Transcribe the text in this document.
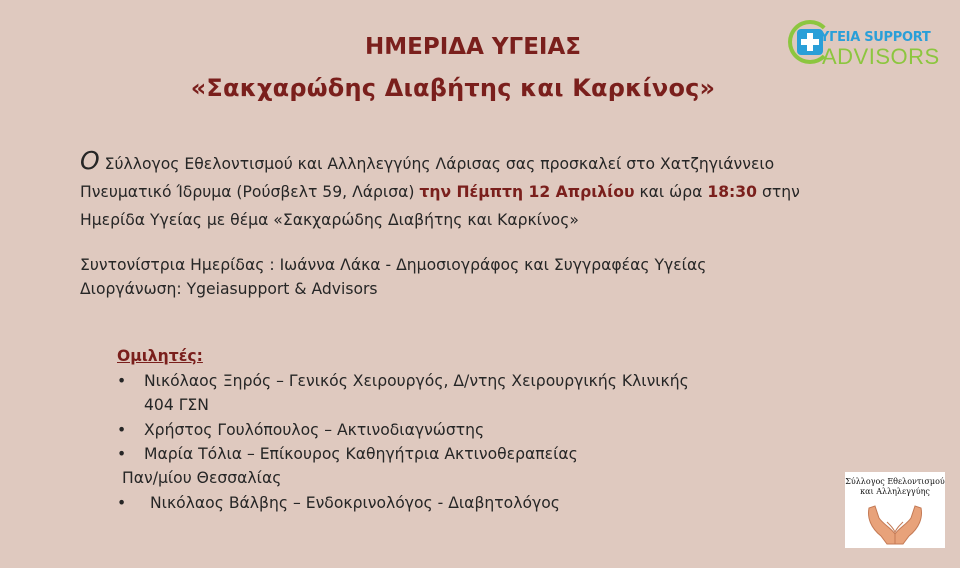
ΗΜΕΡΙΔΑ ΥΓΕΙΑΣ
«Σακχαρώδης Διαβήτης και Καρκίνος»
YГEIA SUPPORT
ADVISORS

Ο Σύλλογος Εθελοντισμού και Αλληλεγγύης Λάρισας σας προσκαλεί στο Χατζηγιάννειο Πνευματικό Ίδρυμα (Ρούσβελτ 59, Λάρισα) την Πέμπτη 12 Απριλίου και ώρα 18:30 στην Ημερίδα Υγείας με θέμα «Σακχαρώδης Διαβήτης και Καρκίνος»

Συντονίστρια Ημερίδας : Ιωάννα Λάκα - Δημοσιογράφος και Συγγραφέας Υγείας

Διοργάνωση: Ygeiasupport & Advisors

Ομιλητές:

• Νικόλαος Ξηρός – Γενικός Χειρουργός, Δ/ντης Χειρουργικής Κλινικής

404 ΓΣΝ

• Χρήστος Γουλόπουλος – Ακτινοδιαγνώστης

• Μαρία Τόλια – Επίκουρος Καθηγήτρια Ακτινοθεραπείας

Παν/μίου Θεσσαλίας

• Νικόλαος Βάλβης – Ενδοκρινολόγος - Διαβητολόγος

Σύλλογος Εθελοντισμού και Αλληλεγγύης
